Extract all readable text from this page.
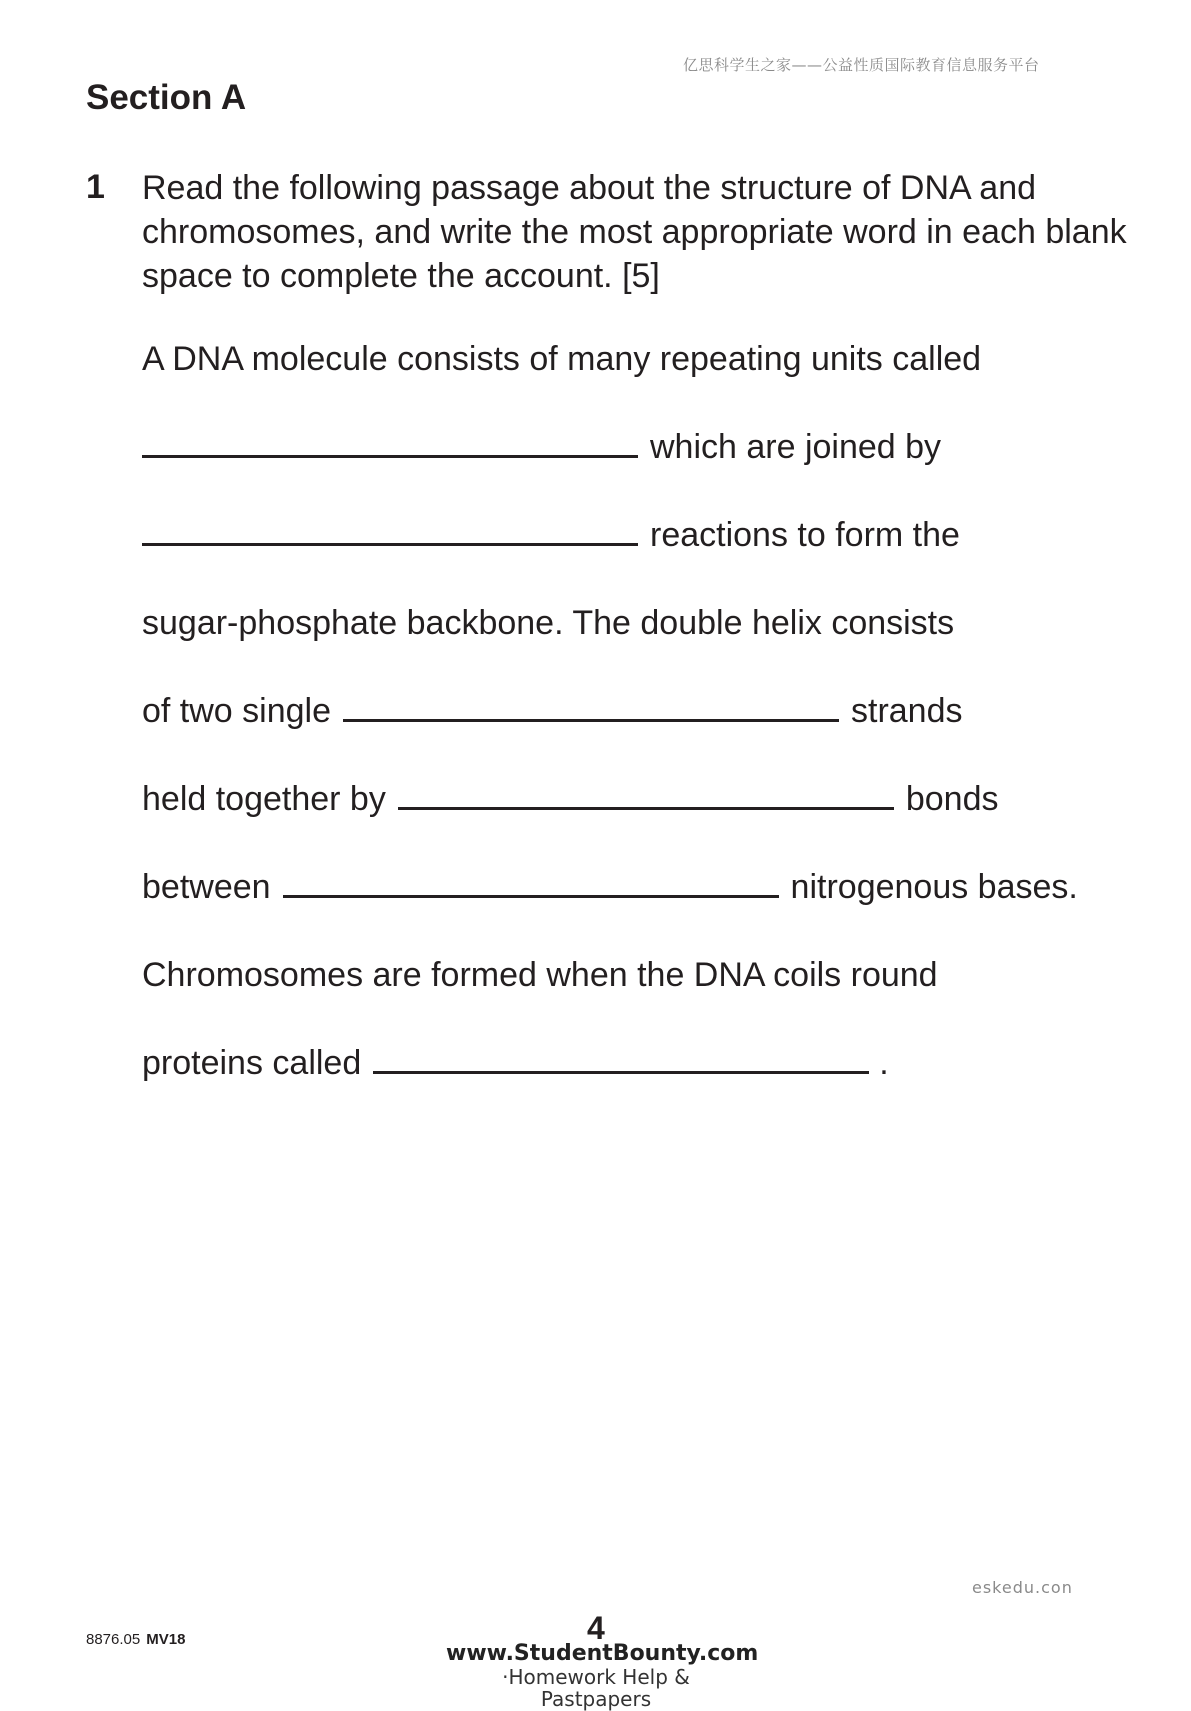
亿思科学生之家——公益性质国际教育信息服务平台
Section A
1 Read the following passage about the structure of DNA and chromosomes, and write the most appropriate word in each blank space to complete the account. [5]

A DNA molecule consists of many repeating units called
which are joined by
reactions to form the
sugar-phosphate backbone. The double helix consists
of two single	strands
held together by	bonds
between	nitrogenous bases.
Chromosomes are formed when the DNA coils round
proteins called	.
eskedu.con
8876.05 MV18	4
www.StudentBounty.com
·Homework Help & Pastpapers
